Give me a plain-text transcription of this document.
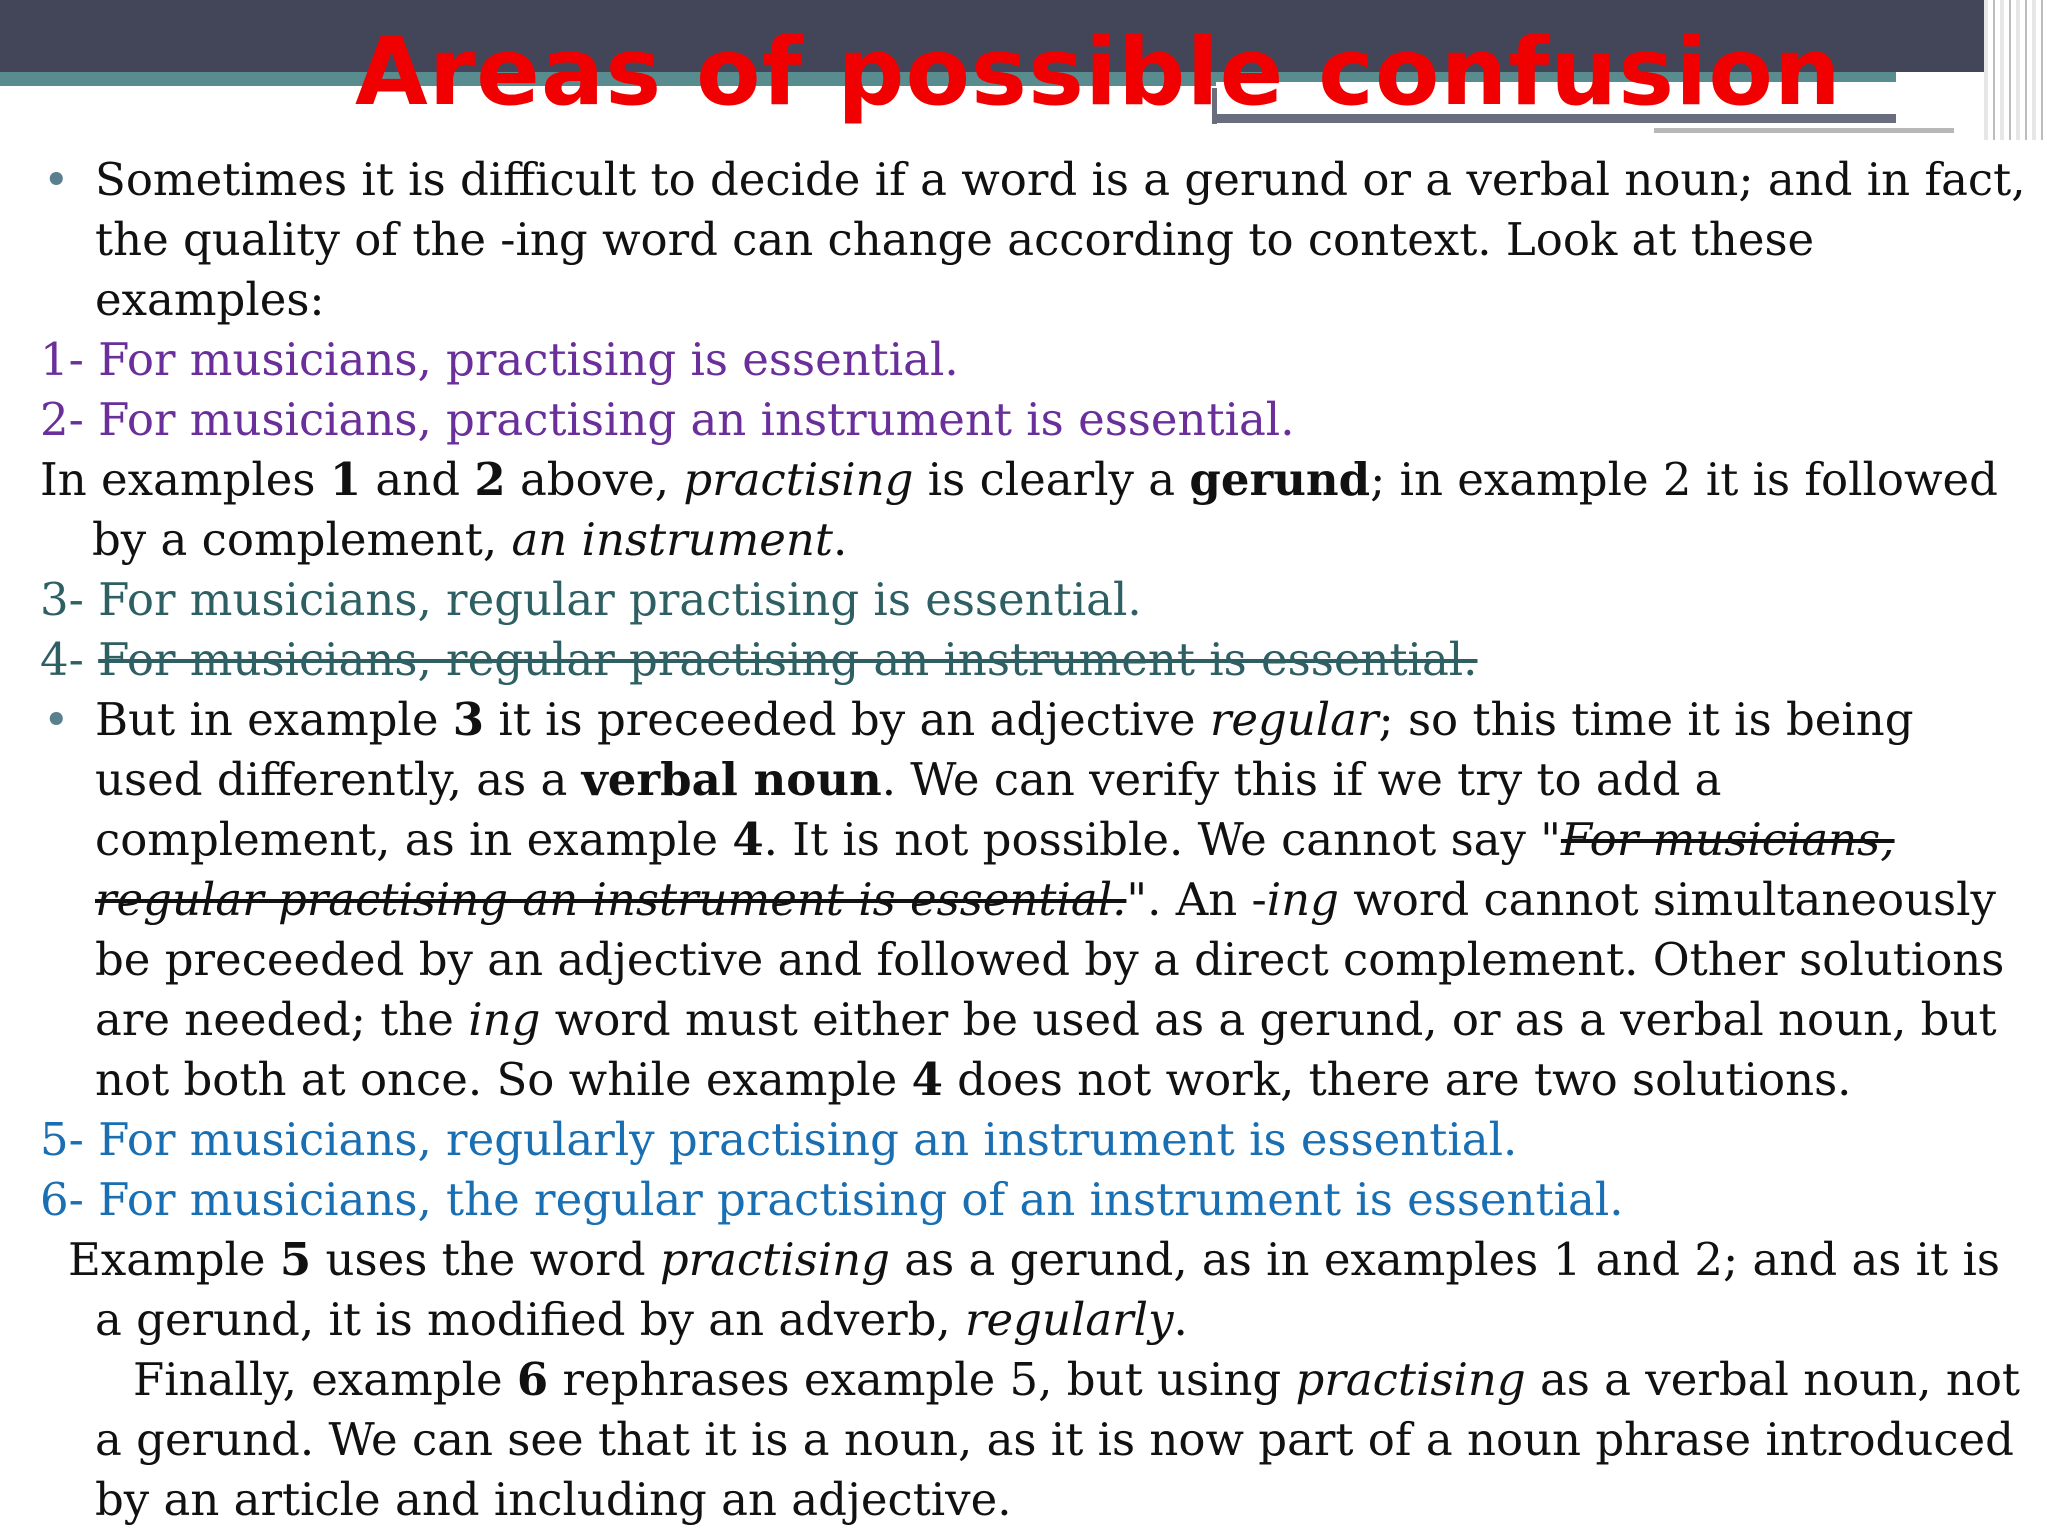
Areas of possible confusion

• Sometimes it is difficult to decide if a word is a gerund or a verbal noun; and in fact, the quality of the -ing word can change according to context. Look at these examples:

1- For musicians, practising is essential.

2- For musicians, practising an instrument is essential.

In examples 1 and 2 above, practising is clearly a gerund; in example 2 it is followed by a complement, an instrument.

3- For musicians, regular practising is essential.

4- For musicians, regular practising an instrument is essential.

• But in example 3 it is preceeded by an adjective regular; so this time it is being used differently, as a verbal noun. We can verify this if we try to add a complement, as in example 4. It is not possible. We cannot say "For musicians, regular practising an instrument is essential.". An -ing word cannot simultaneously be preceeded by an adjective and followed by a direct complement. Other solutions are needed; the ing word must either be used as a gerund, or as a verbal noun, but not both at once. So while example 4 does not work, there are two solutions.

5- For musicians, regularly practising an instrument is essential.

6- For musicians, the regular practising of an instrument is essential.

Example 5 uses the word practising as a gerund, as in examples 1 and 2; and as it is a gerund, it is modified by an adverb, regularly.

Finally, example 6 rephrases example 5, but using practising as a verbal noun, not a gerund. We can see that it is a noun, as it is now part of a noun phrase introduced by an article and including an adjective.
